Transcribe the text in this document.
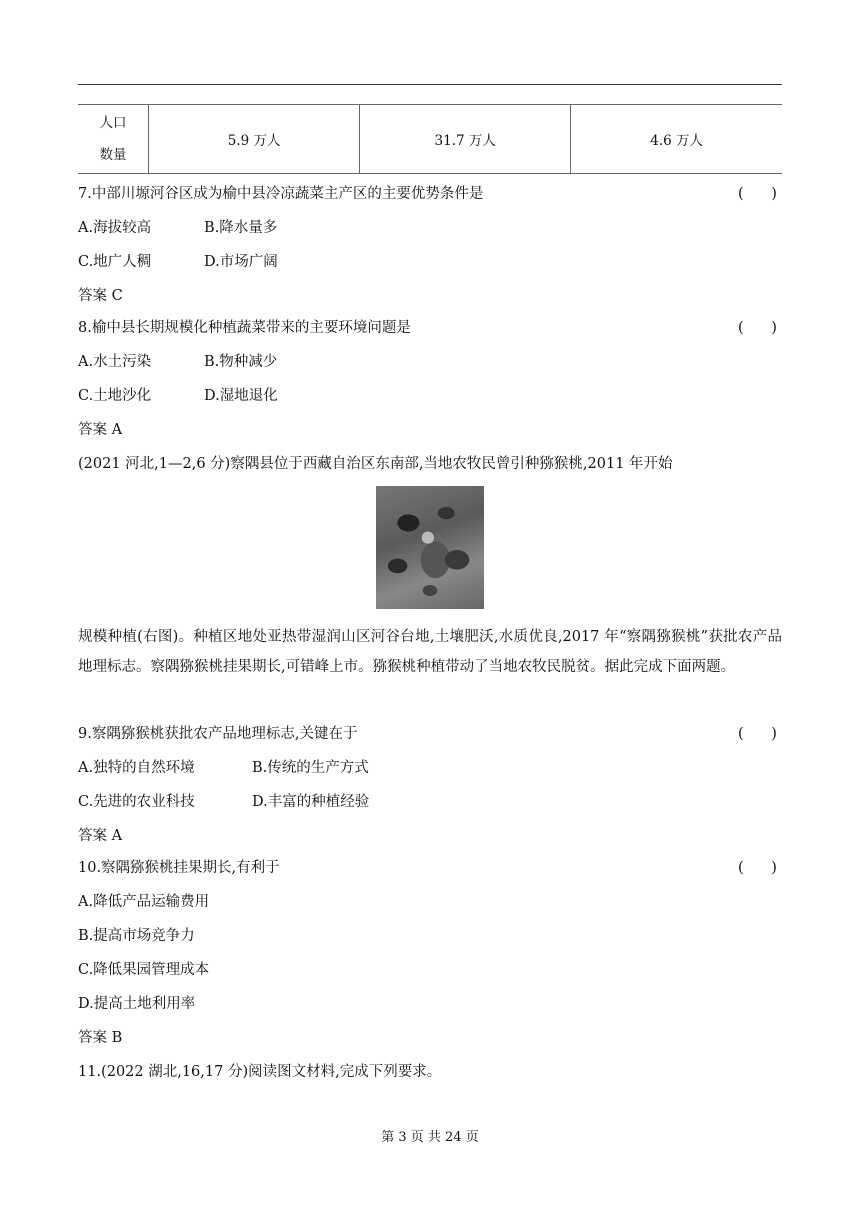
人口
数量
	5.9 万人	31.7 万人	4.6 万人
7.中部川塬河谷区成为榆中县冷凉蔬菜主产区的主要优势条件是	(      )
A.海拔较高	B.降水量多
C.地广人稠	D.市场广阔
答案 C
8.榆中县长期规模化种植蔬菜带来的主要环境问题是	(      )
A.水土污染	B.物种减少
C.土地沙化	D.湿地退化
答案 A
(2021 河北,1—2,6 分)察隅县位于西藏自治区东南部,当地农牧民曾引种猕猴桃,2011 年开始
规模种植(右图)。种植区地处亚热带湿润山区河谷台地,土壤肥沃,水质优良,2017 年“察隅猕猴桃”获批农产品地理标志。察隅猕猴桃挂果期长,可错峰上市。猕猴桃种植带动了当地农牧民脱贫。据此完成下面两题。
9.察隅猕猴桃获批农产品地理标志,关键在于	(      )
A.独特的自然环境	B.传统的生产方式
C.先进的农业科技	D.丰富的种植经验
答案 A
10.察隅猕猴桃挂果期长,有利于	(      )
A.降低产品运输费用
B.提高市场竞争力
C.降低果园管理成本
D.提高土地利用率
答案 B
11.(2022 湖北,16,17 分)阅读图文材料,完成下列要求。
第 3 页 共 24 页
